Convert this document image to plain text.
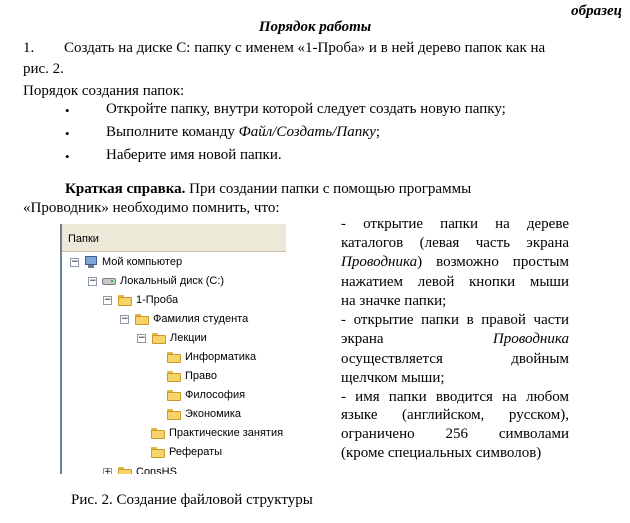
образец
Порядок работы
1. Создать на диске С: папку с именем «1-Проба» и в ней дерево папок как на
рис. 2.
Порядок создания папок:
• Откройте папку, внутри которой следует создать новую папку;
• Выполните команду Файл/Создать/Папку;
• Наберите имя новой папки.
Краткая справка. При создании папки с помощью программы
«Проводник» необходимо помнить, что:
Папки
− Мой компьютер
− Локальный диск (C:)
− 1-Проба
− Фамилия студента
− Лекции
Информатика
Право
Философия
Экономика
Практические занятия
Рефераты
+ ConsHS
- открытие папки на дереве
каталогов (левая часть экрана
Проводника) возможно простым
нажатием левой кнопки мыши
на значке папки;
- открытие папки в правой части
экрана	Проводника
осуществляется двойным
щелчком мыши;
- имя папки вводится на любом
языке (английском, русском),
ограничено 256 символами
(кроме специальных символов)
Рис. 2. Создание файловой структуры
